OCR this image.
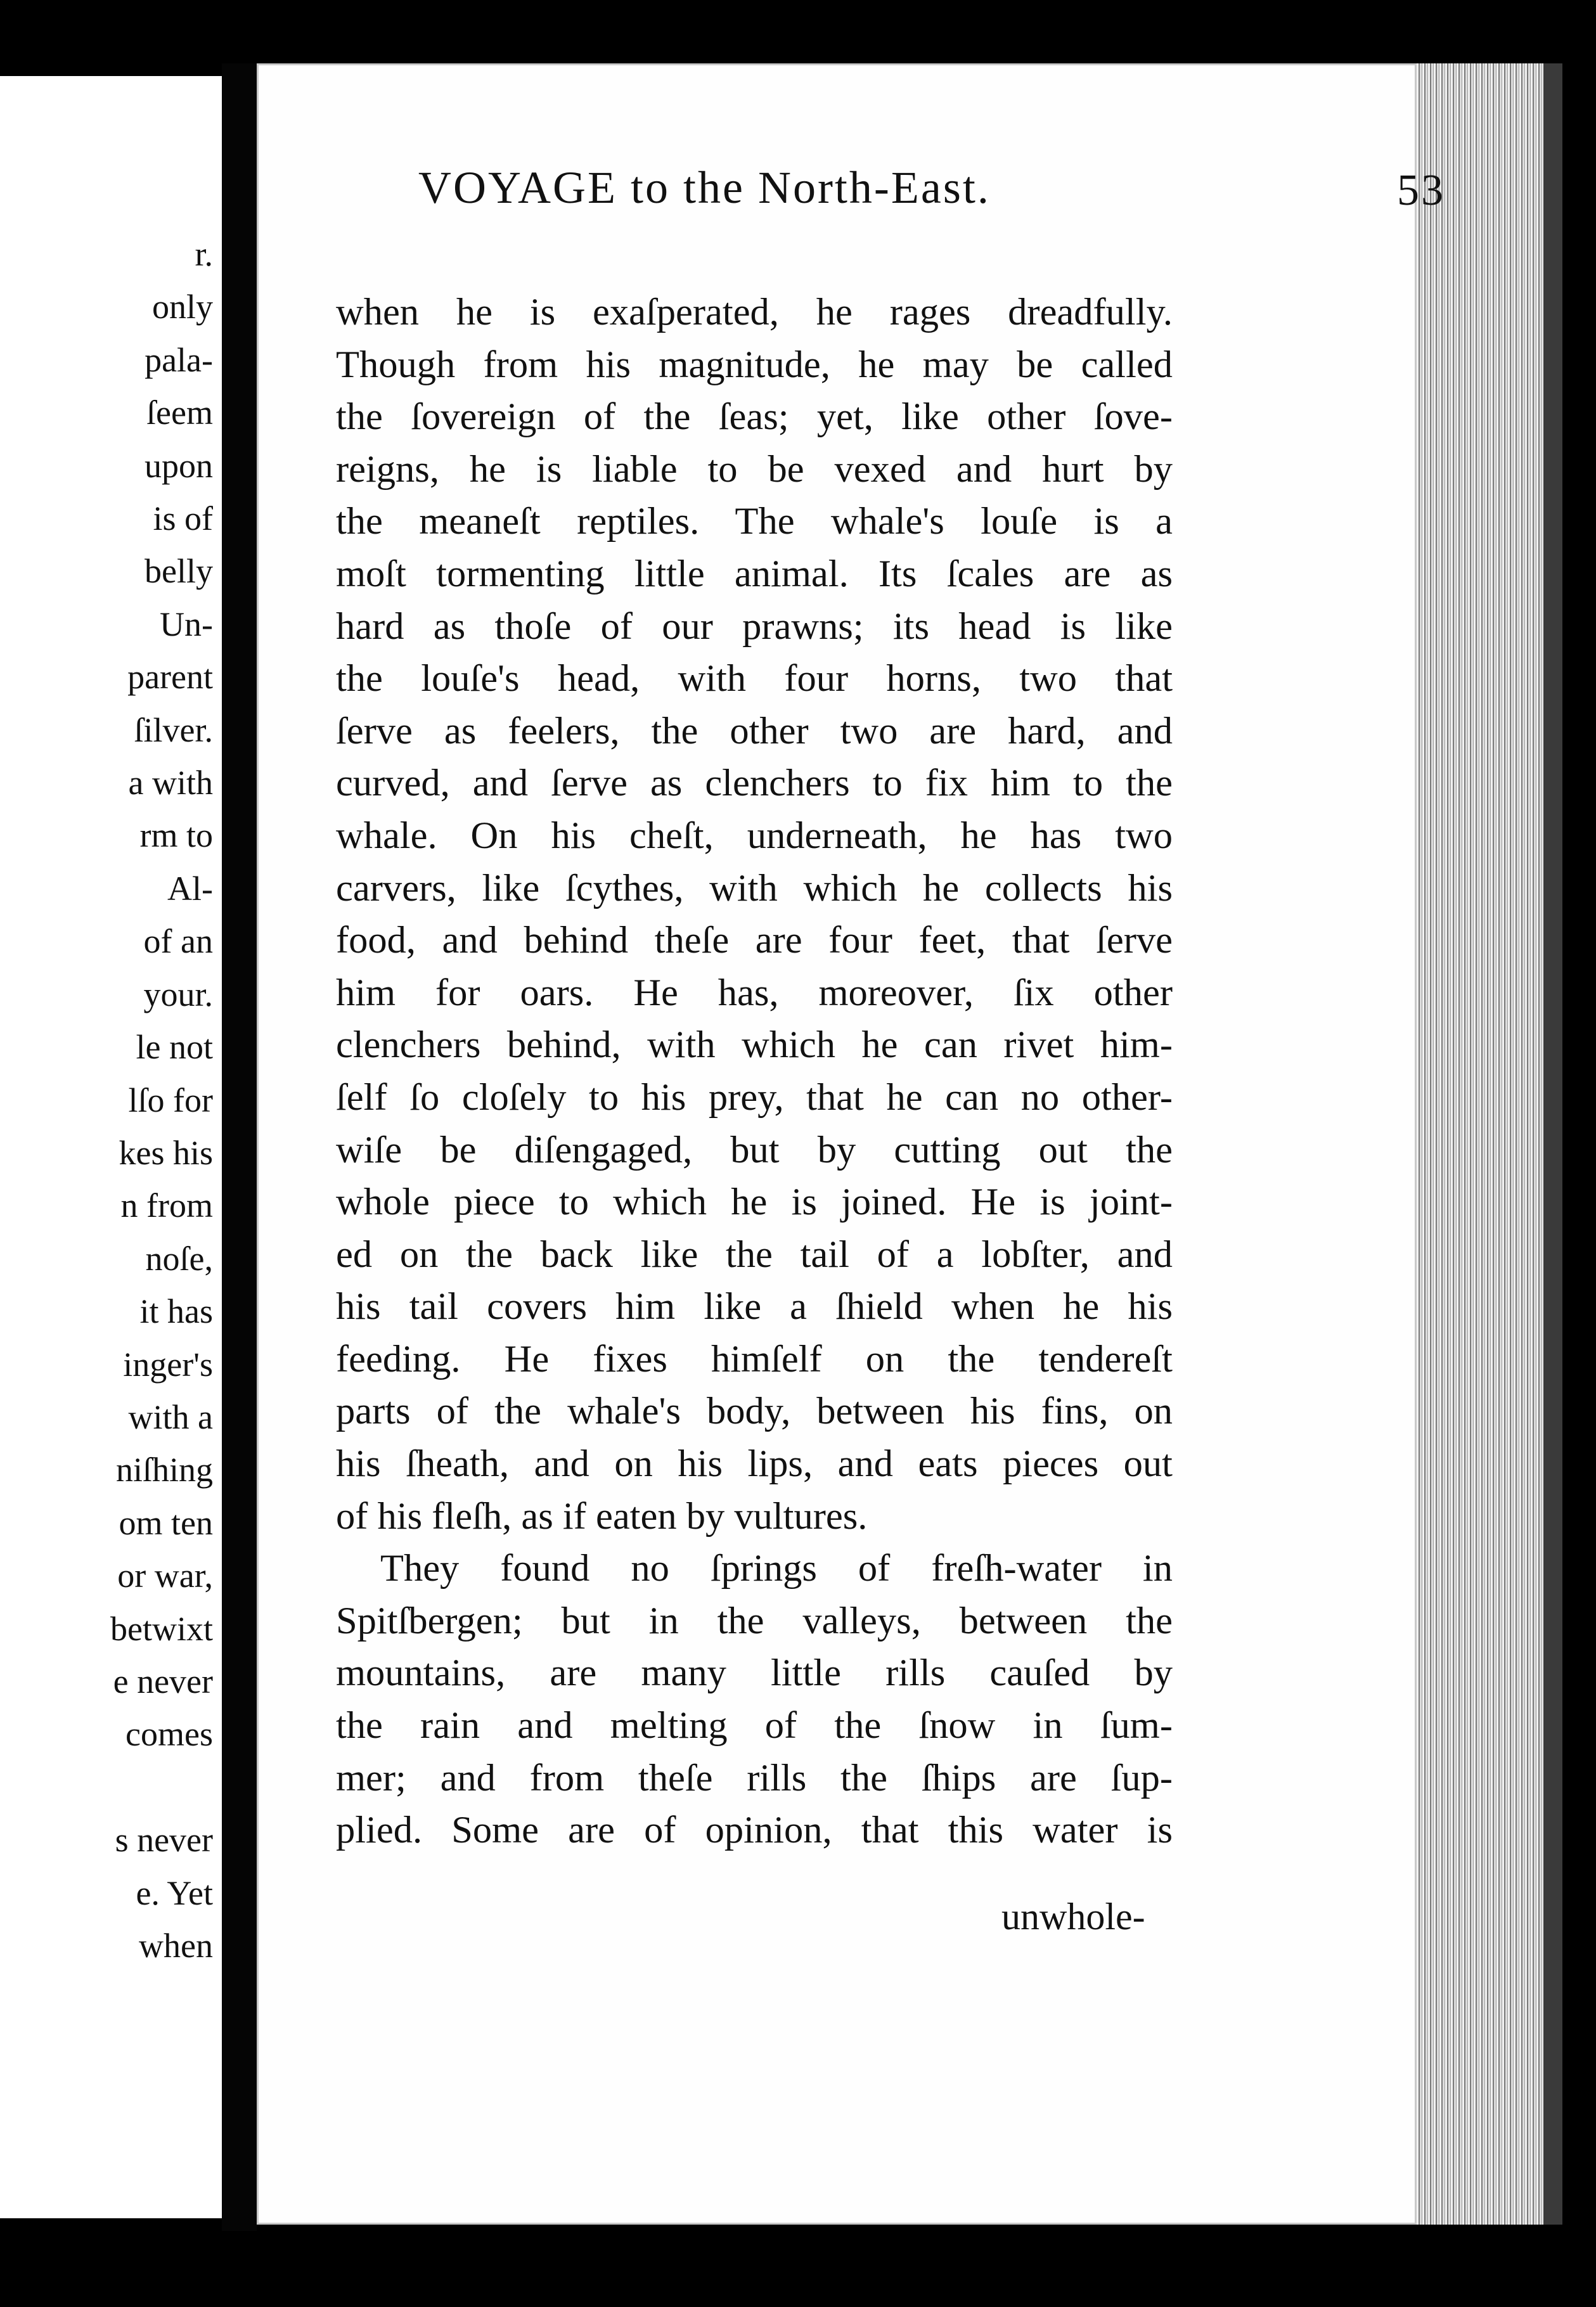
r.
only
pala-
ſeem
upon
is of
belly
Un-
parent
ſilver.
a with
rm to
Al-
of an
your.
le not
lſo for
kes his
n from
noſe,
it has
inger's
with a
niſhing
om ten
or war,
betwixt
e never
comes
s never
e. Yet
when
VOYAGE to the North-East.	53
when he is exaſperated, he rages dreadfully.
Though from his magnitude, he may be called
the ſovereign of the ſeas; yet, like other ſove-
reigns, he is liable to be vexed and hurt by
the meaneſt reptiles. The whale's louſe is a
moſt tormenting little animal. Its ſcales are as
hard as thoſe of our prawns; its head is like
the louſe's head, with four horns, two that
ſerve as feelers, the other two are hard, and
curved, and ſerve as clenchers to fix him to the
whale. On his cheſt, underneath, he has two
carvers, like ſcythes, with which he collects his
food, and behind theſe are four feet, that ſerve
him for oars. He has, moreover, ſix other
clenchers behind, with which he can rivet him-
ſelf ſo cloſely to his prey, that he can no other-
wiſe be diſengaged, but by cutting out the
whole piece to which he is joined. He is joint-
ed on the back like the tail of a lobſter, and
his tail covers him like a ſhield when he his
feeding. He fixes himſelf on the tendereſt
parts of the whale's body, between his fins, on
his ſheath, and on his lips, and eats pieces out
of his fleſh, as if eaten by vultures.
They found no ſprings of freſh-water in
Spitſbergen; but in the valleys, between the
mountains, are many little rills cauſed by
the rain and melting of the ſnow in ſum-
mer; and from theſe rills the ſhips are ſup-
plied. Some are of opinion, that this water is
unwhole-
